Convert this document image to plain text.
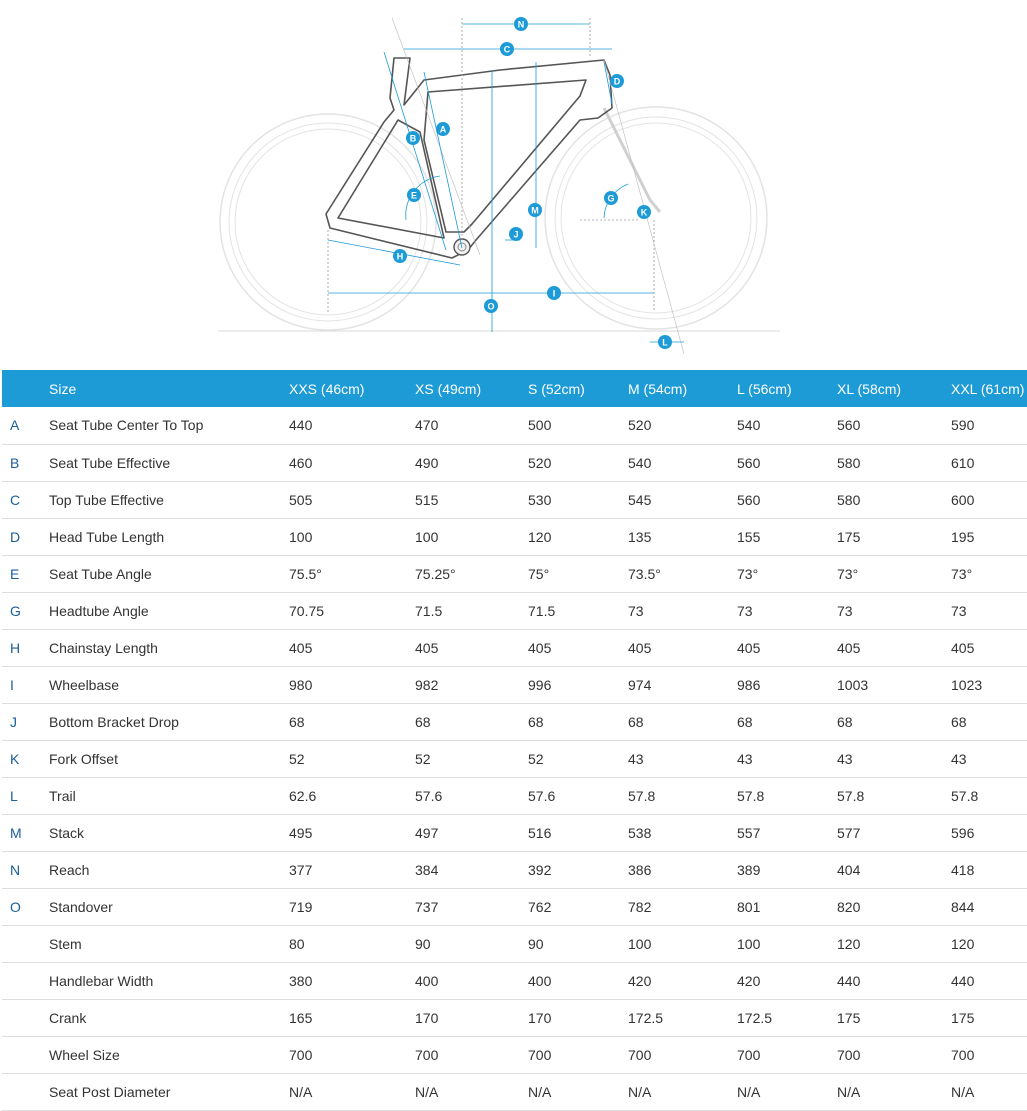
N
C
D
A
B
E	G
K
M
J
H
I
O
L
	Size	XXS (46cm)	XS (49cm)	S (52cm)	M (54cm)	L (56cm)	XL (58cm)	XXL (61cm)
A	Seat Tube Center To Top	440	470	500	520	540	560	590
B	Seat Tube Effective	460	490	520	540	560	580	610
C	Top Tube Effective	505	515	530	545	560	580	600
D	Head Tube Length	100	100	120	135	155	175	195
E	Seat Tube Angle	75.5°	75.25°	75°	73.5°	73°	73°	73°
G	Headtube Angle	70.75	71.5	71.5	73	73	73	73
H	Chainstay Length	405	405	405	405	405	405	405
I	Wheelbase	980	982	996	974	986	1003	1023
J	Bottom Bracket Drop	68	68	68	68	68	68	68
K	Fork Offset	52	52	52	43	43	43	43
L	Trail	62.6	57.6	57.6	57.8	57.8	57.8	57.8
M	Stack	495	497	516	538	557	577	596
N	Reach	377	384	392	386	389	404	418
O	Standover	719	737	762	782	801	820	844
	Stem	80	90	90	100	100	120	120
	Handlebar Width	380	400	400	420	420	440	440
	Crank	165	170	170	172.5	172.5	175	175
	Wheel Size	700	700	700	700	700	700	700
	Seat Post Diameter	N/A	N/A	N/A	N/A	N/A	N/A	N/A
